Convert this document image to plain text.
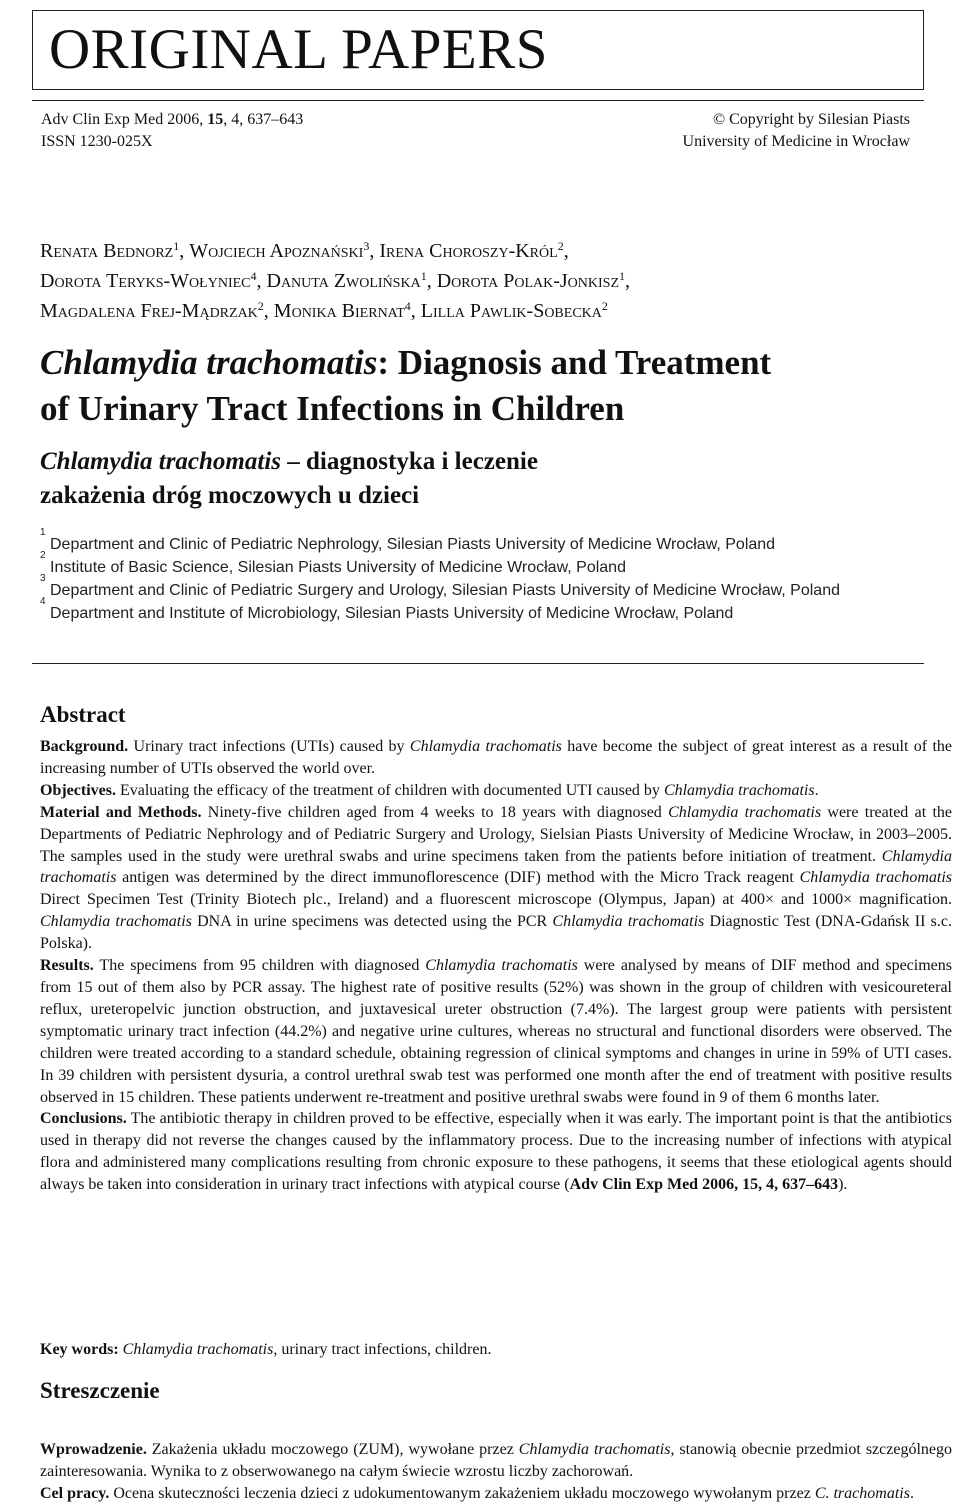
ORIGINAL PAPERS
Adv Clin Exp Med 2006, 15, 4, 637–643
ISSN 1230-025X
© Copyright by Silesian Piasts
University of Medicine in Wrocław
Renata Bednorz$^1$, Wojciech Apoznański$^3$, Irena Choroszy-Król$^2$,
Dorota Teryks-Wołyniec$^4$, Danuta Zwolińska$^1$, Dorota Polak-Jonkisz$^1$,
Magdalena Frej-Mądrzak$^2$, Monika Biernat$^4$, Lilla Pawlik-Sobecka$^2$
Chlamydia trachomatis: Diagnosis and Treatment
of Urinary Tract Infections in Children
Chlamydia trachomatis – diagnostyka i leczenie
zakażenia dróg moczowych u dzieci
1
Department and Clinic of Pediatric Nephrology, Silesian Piasts University of Medicine Wrocław, Poland
2
Institute of Basic Science, Silesian Piasts University of Medicine Wrocław, Poland
3
Department and Clinic of Pediatric Surgery and Urology, Silesian Piasts University of Medicine Wrocław, Poland
4
Department and Institute of Microbiology, Silesian Piasts University of Medicine Wrocław, Poland
Abstract

Background. Urinary tract infections (UTIs) caused by Chlamydia trachomatis have become the subject of great interest as a result of the increasing number of UTIs observed the world over.

Objectives. Evaluating the efficacy of the treatment of children with documented UTI caused by Chlamydia trachomatis.

Material and Methods. Ninety-five children aged from 4 weeks to 18 years with diagnosed Chlamydia trachomatis were treated at the Departments of Pediatric Nephrology and of Pediatric Surgery and Urology, Sielsian Piasts University of Medicine Wrocław, in 2003–2005. The samples used in the study were urethral swabs and urine specimens taken from the patients before initiation of treatment. Chlamydia trachomatis antigen was determined by the direct immunoflorescence (DIF) method with the Micro Track reagent Chlamydia trachomatis Direct Specimen Test (Trinity Biotech plc., Ireland) and a fluorescent microscope (Olympus, Japan) at 400× and 1000× magnification. Chlamydia trachomatis DNA in urine specimens was detected using the PCR Chlamydia trachomatis Diagnostic Test (DNA-Gdańsk II s.c. Polska).

Results. The specimens from 95 children with diagnosed Chlamydia trachomatis were analysed by means of DIF method and specimens from 15 out of them also by PCR assay. The highest rate of positive results (52%) was shown in the group of children with vesicoureteral reflux, ureteropelvic junction obstruction, and juxtavesical ureter obstruction (7.4%). The largest group were patients with persistent symptomatic urinary tract infection (44.2%) and negative urine cultures, whereas no structural and functional disorders were observed. The children were treated according to a standard schedule, obtaining regression of clinical symptoms and changes in urine in 59% of UTI cases. In 39 children with persistent dysuria, a control urethral swab test was performed one month after the end of treatment with positive results observed in 15 children. These patients underwent re-treatment and positive urethral swabs were found in 9 of them 6 months later.

Conclusions. The antibiotic therapy in children proved to be effective, especially when it was early. The important point is that the antibiotics used in therapy did not reverse the changes caused by the inflammatory process. Due to the increasing number of infections with atypical flora and administered many complications resulting from chronic exposure to these pathogens, it seems that these etiological agents should always be taken into consideration in urinary tract infections with atypical course (Adv Clin Exp Med 2006, 15, 4, 637–643).

Key words: Chlamydia trachomatis, urinary tract infections, children.
Streszczenie

Wprowadzenie. Zakażenia układu moczowego (ZUM), wywołane przez Chlamydia trachomatis, stanowią obecnie przedmiot szczególnego zainteresowania. Wynika to z obserwowanego na całym świecie wzrostu liczby zachorowań.

Cel pracy. Ocena skuteczności leczenia dzieci z udokumentowanym zakażeniem układu moczowego wywołanym przez C. trachomatis.
